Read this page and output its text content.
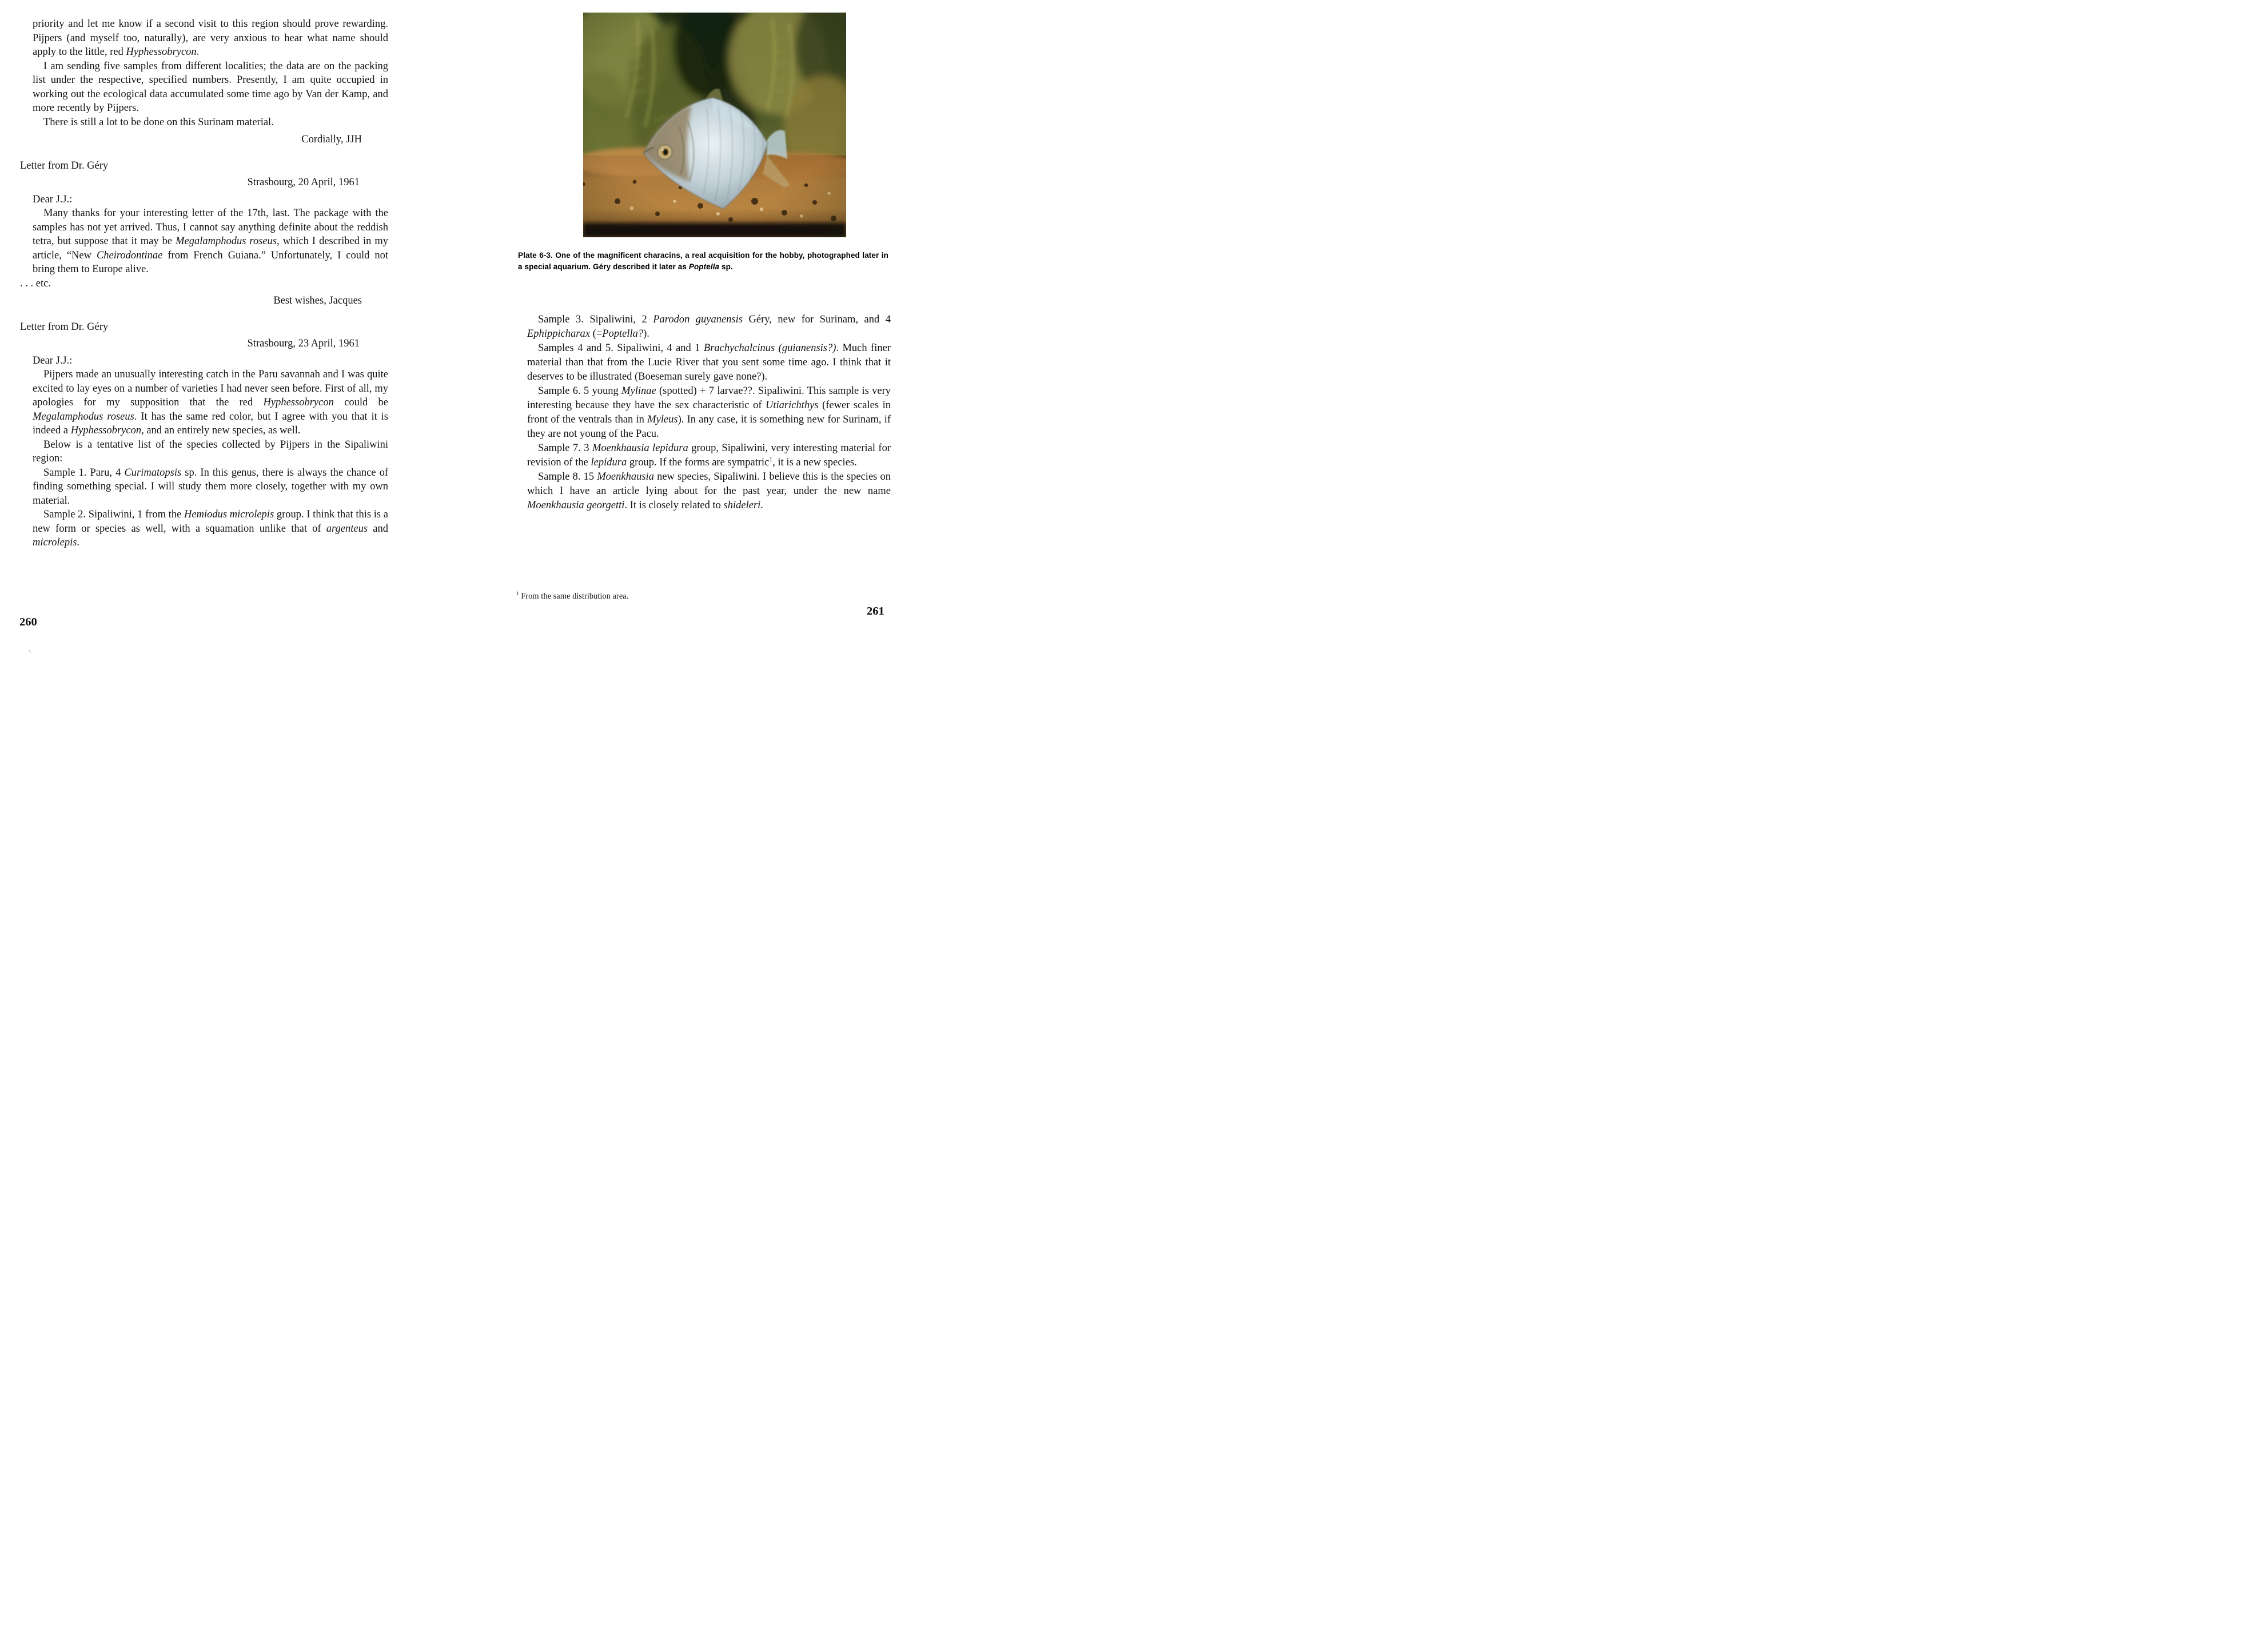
priority and let me know if a second visit to this region should prove rewarding. Pijpers (and myself too, naturally), are very anxious to hear what name should apply to the little, red Hyphessobrycon.

I am sending five samples from different localities; the data are on the packing list under the respective, specified numbers. Presently, I am quite occupied in working out the ecological data accumulated some time ago by Van der Kamp, and more recently by Pijpers.

There is still a lot to be done on this Surinam material.

Cordially, JJH

Letter from Dr. Géry

Strasbourg, 20 April, 1961

Dear J.J.:

Many thanks for your interesting letter of the 17th, last. The package with the samples has not yet arrived. Thus, I cannot say anything definite about the reddish tetra, but suppose that it may be Megalamphodus roseus, which I described in my article, “New Cheirodontinae from French Guiana.” Unfortunately, I could not bring them to Europe alive.

. . . etc.

Best wishes, Jacques

Letter from Dr. Géry

Strasbourg, 23 April, 1961

Dear J.J.:

Pijpers made an unusually interesting catch in the Paru savannah and I was quite excited to lay eyes on a number of varieties I had never seen before. First of all, my apologies for my supposition that the red Hyphessobrycon could be Megalamphodus roseus. It has the same red color, but I agree with you that it is indeed a Hyphessobrycon, and an entirely new species, as well.

Below is a tentative list of the species collected by Pijpers in the Sipaliwini region:

Sample 1. Paru, 4 Curimatopsis sp. In this genus, there is always the chance of finding something special. I will study them more closely, together with my own material.

Sample 2. Sipaliwini, 1 from the Hemiodus microlepis group. I think that this is a new form or species as well, with a squamation unlike that of argenteus and microlepis.

260
’·
Plate 6-3. One of the magnificent characins, a real acquisition for the hobby, photographed later in a special aquarium. Géry described it later as Poptella sp.

Sample 3. Sipaliwini, 2 Parodon guyanensis Géry, new for Surinam, and 4 Ephippicharax (=Poptella?).

Samples 4 and 5. Sipaliwini, 4 and 1 Brachychalcinus (guianensis?). Much finer material than that from the Lucie River that you sent some time ago. I think that it deserves to be illustrated (Boeseman surely gave none?).

Sample 6. 5 young Mylinae (spotted) + 7 larvae??. Sipaliwini. This sample is very interesting because they have the sex characteristic of Utiarichthys (fewer scales in front of the ventrals than in Myleus). In any case, it is something new for Surinam, if they are not young of the Pacu.

Sample 7. 3 Moenkhausia lepidura group, Sipaliwini, very interesting material for revision of the lepidura group. If the forms are sympatric$^1$, it is a new species.

Sample 8. 15 Moenkhausia new species, Sipaliwini. I believe this is the species on which I have an article lying about for the past year, under the new name Moenkhausia georgetti. It is closely related to shideleri.

$^1$ From the same distribution area.
261
